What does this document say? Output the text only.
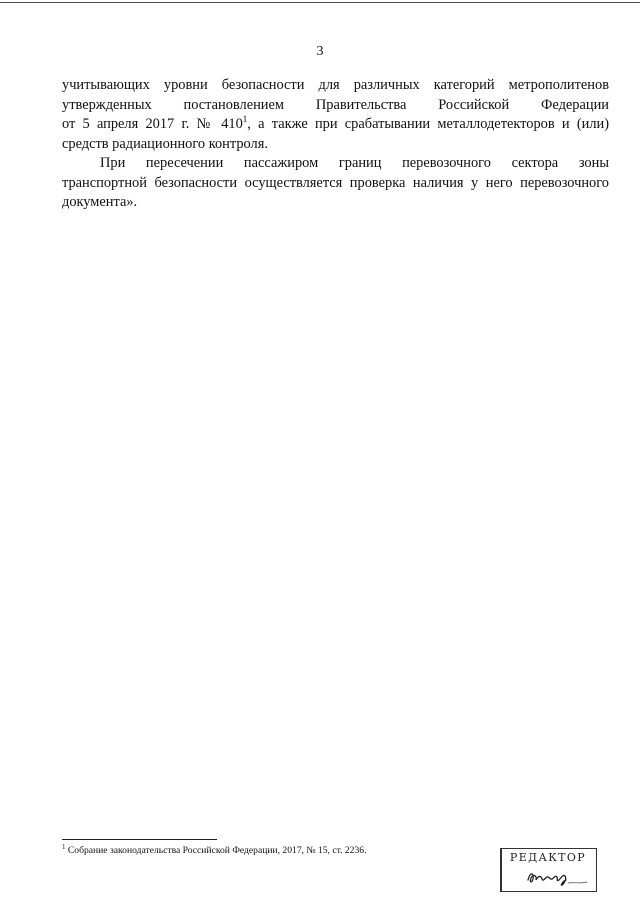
3
учитывающих уровни безопасности для различных категорий метрополитенов
утвержденных постановлением Правительства Российской Федерации
от 5 апреля 2017 г. № $410^1$, а также при срабатывании металлодетекторов и (или)
средств радиационного контроля.
При пересечении пассажиром границ перевозочного сектора зоны
транспортной безопасности осуществляется проверка наличия у него перевозочного
документа».
$^1$ Собрание законодательства Российской Федерации, 2017, № 15, ст. 2236.
РЕДАКТОР
